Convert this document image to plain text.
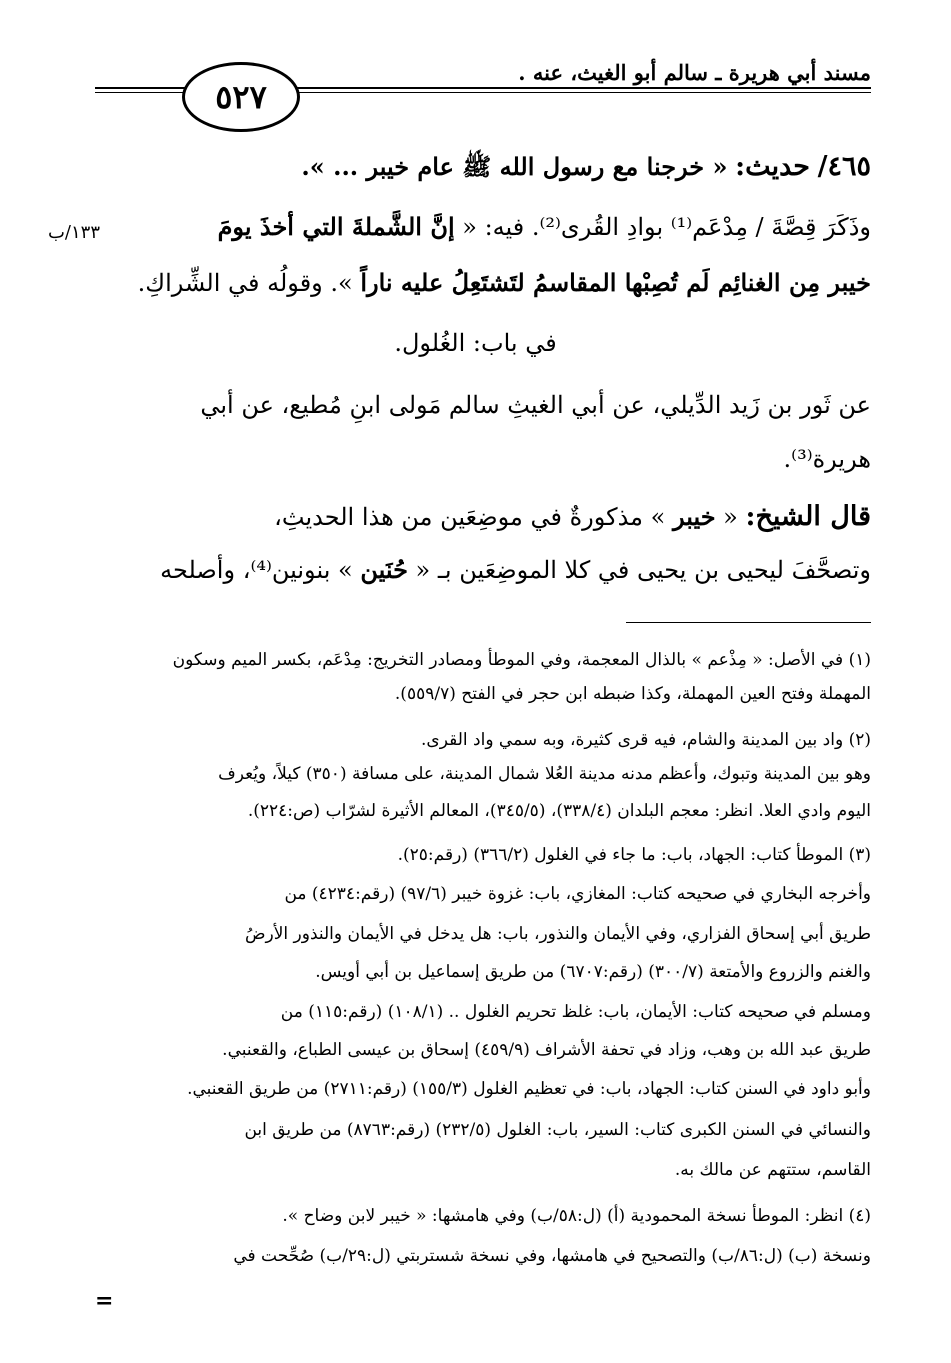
مسند أبي هريرة ـ سالم أبو الغيث، عنه .
٥٢٧
٤٦٥/ حديث: « خرجنا مع رسول الله ﷺ عام خيبر ... ».
١٣٣/ب	وذَكَرَ قِصَّةَ / مِدْعَم⁽¹⁾ بوادِ القُرى⁽²⁾. فيه: « إنَّ الشَّملةَ التي أخذَ يومَ
خيبر مِن الغنائِم لَم تُصِبْها المقاسمُ لتَشتَعِلُ عليه ناراً ». وقولُه في الشِّراكِ.
في باب: الغُلول.
عن ثَور بن زَيد الدِّيلي، عن أبي الغيثِ سالم مَولى ابنِ مُطيع، عن أبي
هريرة⁽³⁾.
قال الشيخ: « خيبر » مذكورةٌ في موضِعَين من هذا الحديثِ،
وتصحَّفَ ليحيى بن يحيى في كلا الموضِعَين بـ « حُنَين » بنونين⁽⁴⁾، وأصلحه
(١) في الأصل: « مِذْعم » بالذال المعجمة، وفي الموطأ ومصادر التخريج: مِدْعَم، بكسر الميم وسكون
المهملة وفتح العين المهملة، وكذا ضبطه ابن حجر في الفتح (٥٥٩/٧).
(٢) واد بين المدينة والشام، فيه قرى كثيرة، وبه سمي واد القرى.
وهو بين المدينة وتبوك، وأعظم مدنه مدينة العُلا شمال المدينة، على مسافة (٣٥٠) كيلاً، ويُعرف
اليوم وادي العلا. انظر: معجم البلدان (٣٣٨/٤)، (٣٤٥/٥)، المعالم الأثيرة لشرّاب (ص:٢٢٤).
(٣) الموطأ كتاب: الجهاد، باب: ما جاء في الغلول (٣٦٦/٢) (رقم:٢٥).
وأخرجه البخاري في صحيحه كتاب: المغازي، باب: غزوة خيبر (٩٧/٦) (رقم:٤٢٣٤) من
طريق أبي إسحاق الفزاري، وفي الأيمان والنذور، باب: هل يدخل في الأيمان والنذور الأرضُ
والغنم والزروع والأمتعة (٣٠٠/٧) (رقم:٦٧٠٧) من طريق إسماعيل بن أبي أويس.
ومسلم في صحيحه كتاب: الأيمان، باب: غلظ تحريم الغلول .. (١٠٨/١) (رقم:١١٥) من
طريق عبد الله بن وهب، وزاد في تحفة الأشراف (٤٥٩/٩) إسحاق بن عيسى الطباع، والقعنبي.
وأبو داود في السنن كتاب: الجهاد، باب: في تعظيم الغلول (١٥٥/٣) (رقم:٢٧١١) من طريق القعنبي.
والنسائي في السنن الكبرى كتاب: السير، باب: الغلول (٢٣٢/٥) (رقم:٨٧٦٣) من طريق ابن
القاسم، ستتهم عن مالك به.
(٤) انظر: الموطأ نسخة المحمودية (أ) (ل:٥٨/ب) وفي هامشها: « خيبر لابن وضاح ».
ونسخة (ب) (ل:٨٦/ب) والتصحيح في هامشها، وفي نسخة شستربتي (ل:٢٩/ب) صُحِّحت في
=
